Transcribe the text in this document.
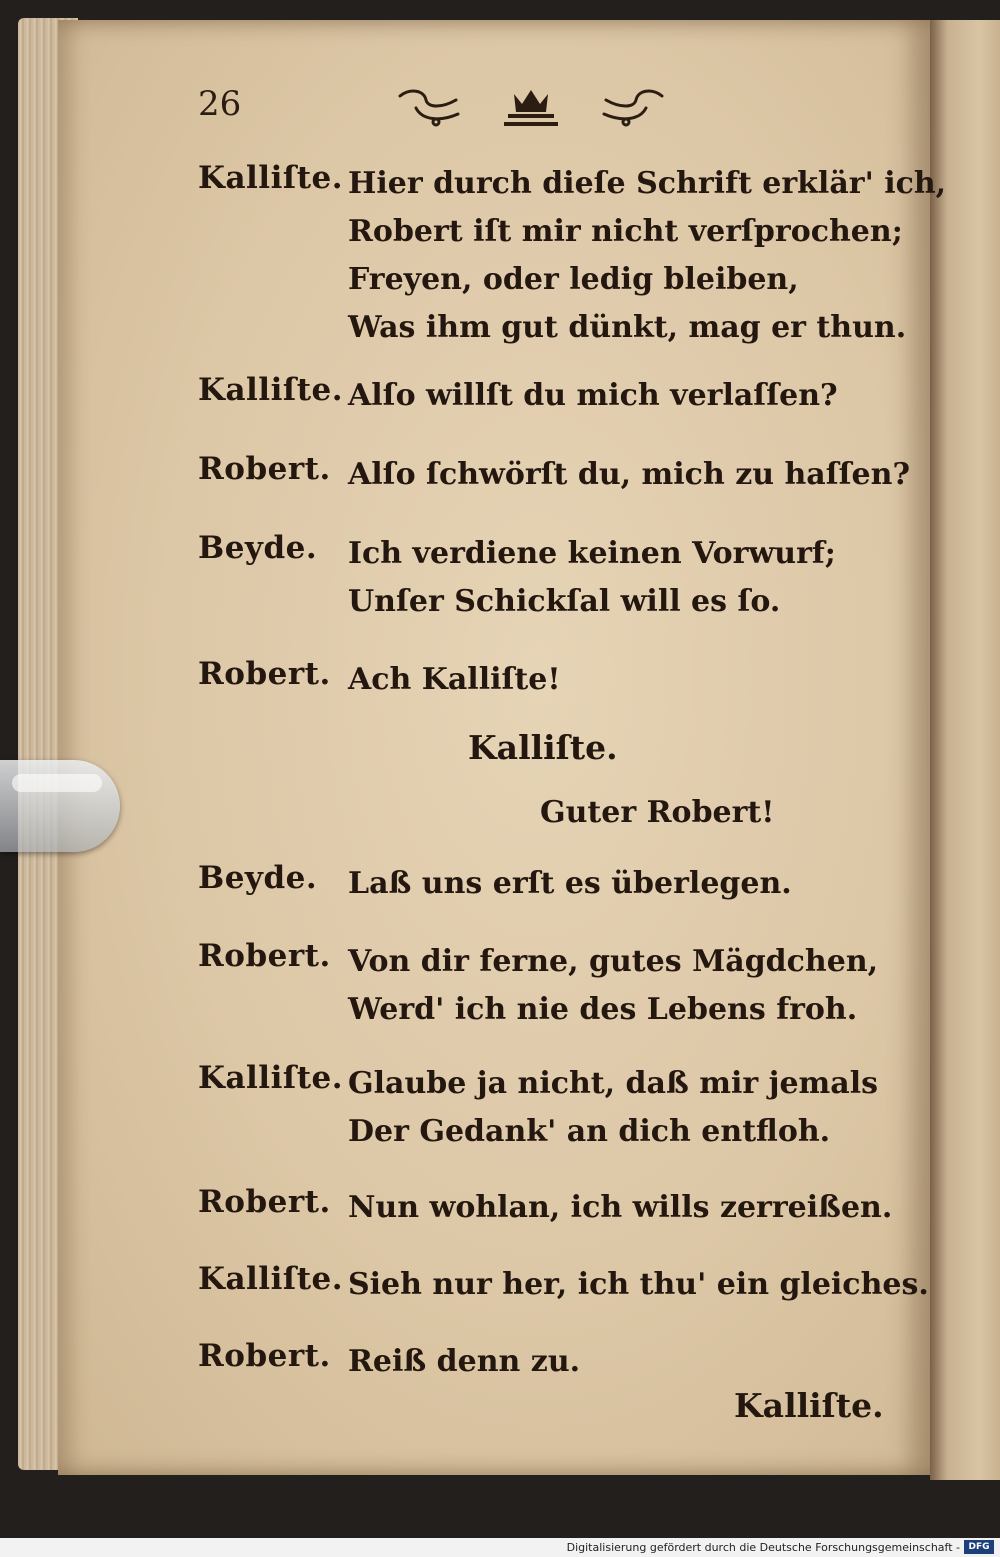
26
Kalliſte. Hier durch dieſe Schrift erklär' ich,
Robert iſt mir nicht verſprochen;
Freyen, oder ledig bleiben,
Was ihm gut dünkt, mag er thun.
Kalliſte. Alſo willſt du mich verlaſſen?
Robert. Alſo ſchwörſt du, mich zu haſſen?
Beyde. Ich verdiene keinen Vorwurf;
Unſer Schickſal will es ſo.
Robert. Ach Kalliſte!
Kalliſte.
Guter Robert!
Beyde. Laß uns erſt es überlegen.
Robert. Von dir ferne, gutes Mägdchen,
Werd' ich nie des Lebens froh.
Kalliſte. Glaube ja nicht, daß mir jemals
Der Gedank' an dich entfloh.
Robert. Nun wohlan, ich wills zerreißen.
Kalliſte. Sieh nur her, ich thu' ein gleiches.
Robert. Reiß denn zu.
Kalliſte.
Digitalisierung gefördert durch die Deutsche Forschungsgemeinschaft - DFG
